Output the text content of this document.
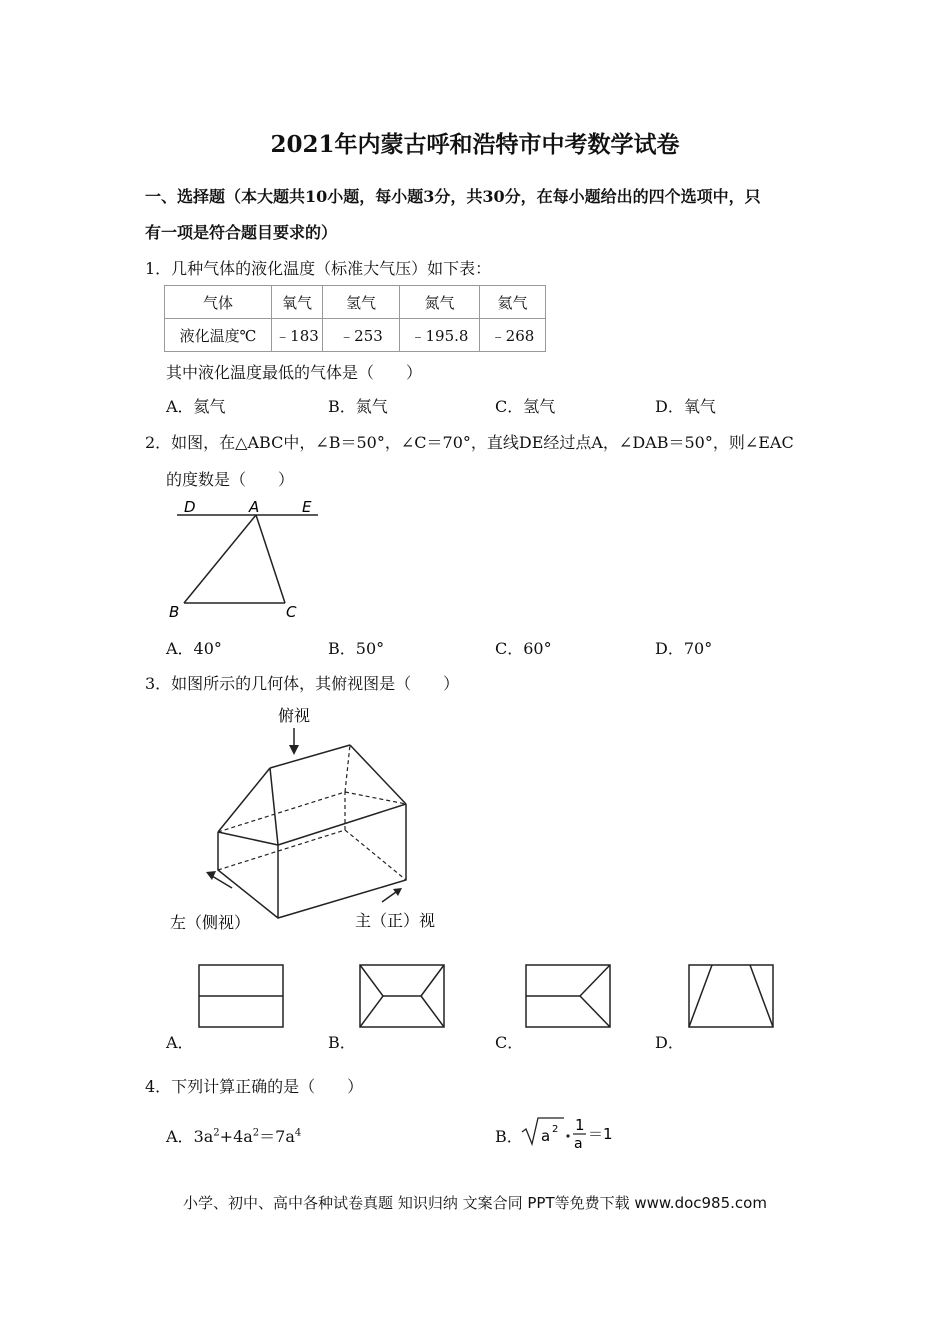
2021年内蒙古呼和浩特市中考数学试卷
一、选择题（本大题共10小题，每小题3分，共30分，在每小题给出的四个选项中，只
有一项是符合题目要求的）
1．几种气体的液化温度（标准大气压）如下表：
气体	氧气	氢气	氮气	氦气
液化温度℃	﹣183	﹣253	﹣195.8	﹣268
其中液化温度最低的气体是（　　）
A．氦气	B．氮气	C．氢气	D．氧气
2．如图，在△ABC中，∠B＝50°，∠C＝70°，直线DE经过点A，∠DAB＝50°，则∠EAC
的度数是（　　）
D	A	E
B	C
A．40°	B．50°	C．60°	D．70°
3．如图所示的几何体，其俯视图是（　　）
俯视
左（侧视）	主（正）视
A．	B．	C．	D．
4．下列计算正确的是（　　）
A．$3a^2+4a^2=7a^4$	B． a 2 1
a
＝1
小学、初中、高中各种试卷真题 知识归纳 文案合同 PPT等免费下载 www.doc985.com
